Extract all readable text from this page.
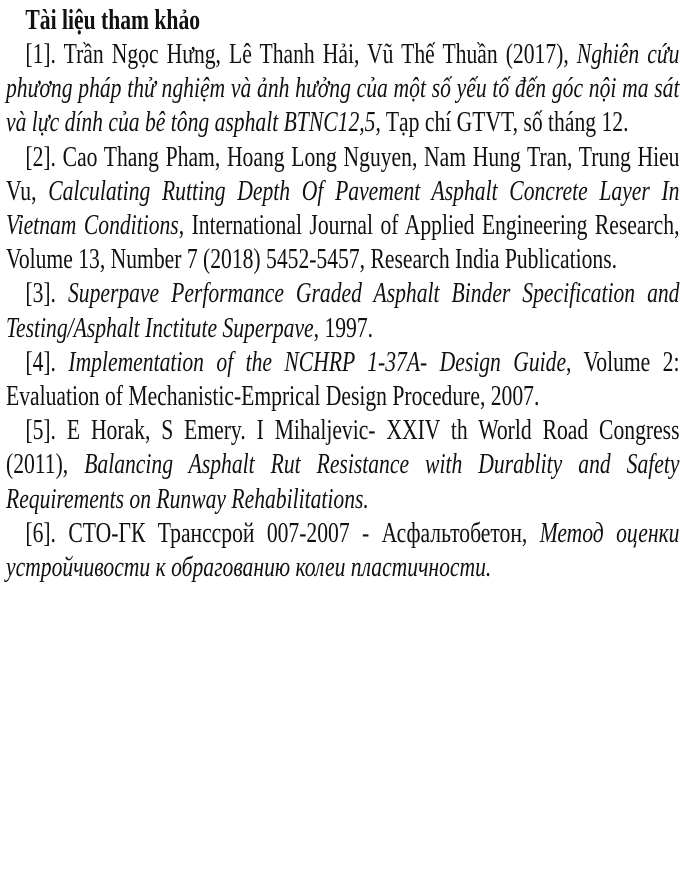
Tài liệu tham khảo

[1]. Trần Ngọc Hưng, Lê Thanh Hải, Vũ Thế Thuần (2017), Nghiên cứu phương pháp thử nghiệm và ảnh hưởng của một số yếu tố đến góc nội ma sát và lực dính của bê tông asphalt BTNC12,5, Tạp chí GTVT, số tháng 12.

[2]. Cao Thang Pham, Hoang Long Nguyen, Nam Hung Tran, Trung Hieu Vu, Calculating Rutting Depth Of Pavement Asphalt Concrete Layer In Vietnam Conditions, International Journal of Applied Engineering Research, Volume 13, Number 7 (2018) 5452-5457, Research India Publications.

[3]. Superpave Performance Graded Asphalt Binder Specification and Testing/Asphalt Inctitute Superpave, 1997.

[4]. Implementation of the NCHRP 1-37A- Design Guide, Volume 2: Evaluation of Mechanistic-Emprical Design Procedure, 2007.

[5]. E Horak, S Emery. I Mihaljevic- XXIV th World Road Congress (2011), Balancing Asphalt Rut Resistance with Durablity and Safety Requirements on Runway Rehabilitations.

[6]. СТО-ГК Транссрой 007-2007 - Асфальтобетон, Метод оценки устройчивости к обрагованию колеи пластичности.
